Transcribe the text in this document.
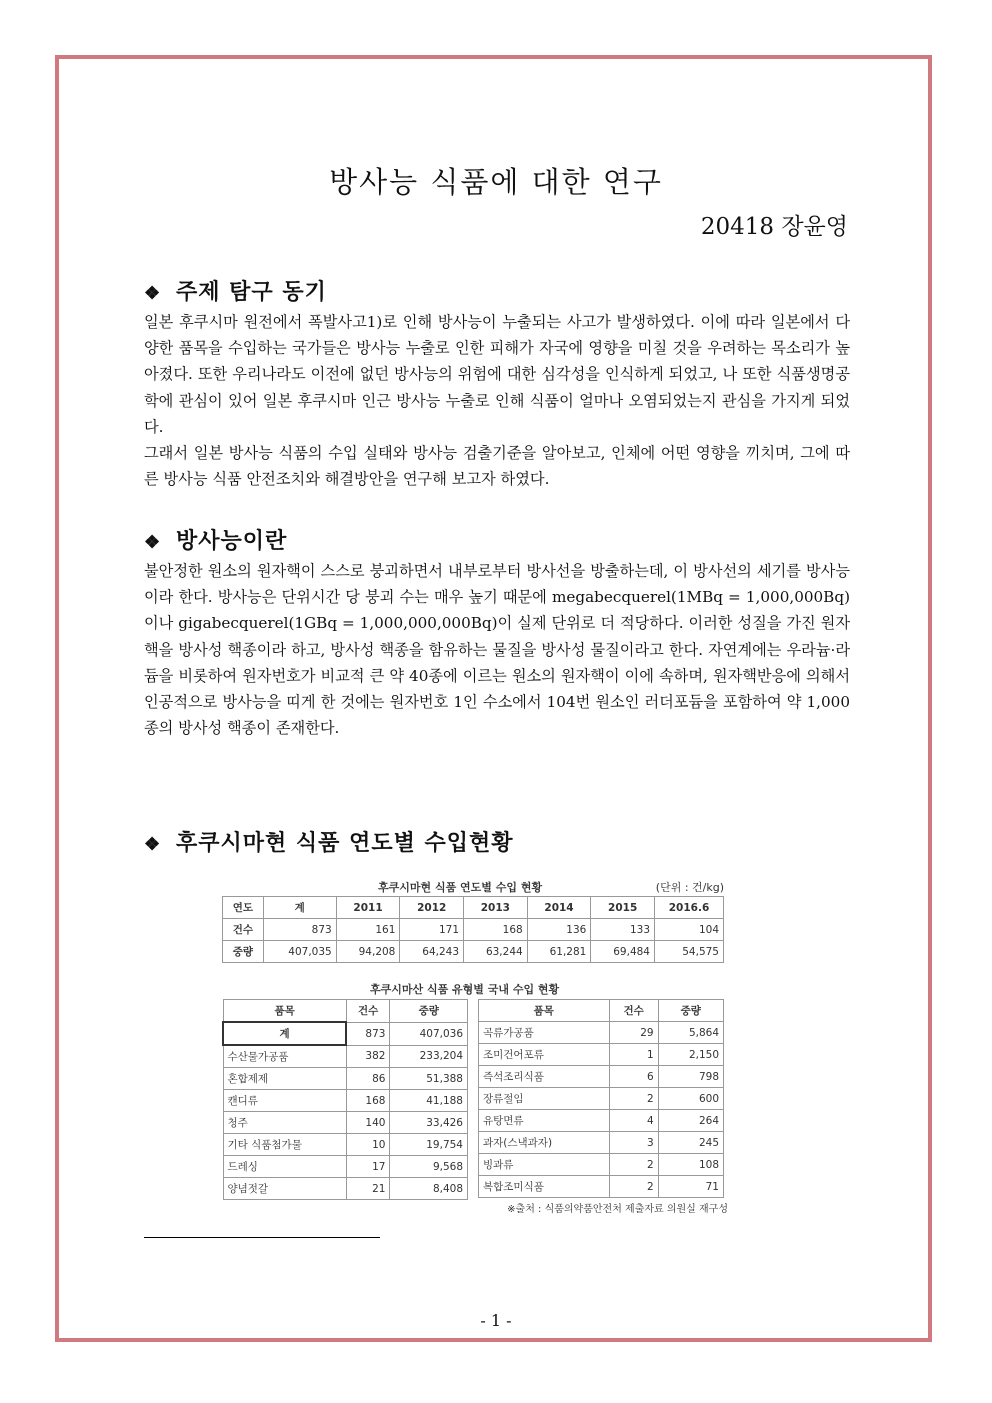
방사능 식품에 대한 연구
20418 장윤영
❖ 주제 탐구 동기

일본 후쿠시마 원전에서 폭발사고1)로 인해 방사능이 누출되는 사고가 발생하였다. 이에 따라 일본에서 다양한 품목을 수입하는 국가들은 방사능 누출로 인한 피해가 자국에 영향을 미칠 것을 우려하는 목소리가 높아졌다. 또한 우리나라도 이전에 없던 방사능의 위험에 대한 심각성을 인식하게 되었고, 나 또한 식품생명공학에 관심이 있어 일본 후쿠시마 인근 방사능 누출로 인해 식품이 얼마나 오염되었는지 관심을 가지게 되었다.

그래서 일본 방사능 식품의 수입 실태와 방사능 검출기준을 알아보고, 인체에 어떤 영향을 끼치며, 그에 따른 방사능 식품 안전조치와 해결방안을 연구해 보고자 하였다.

❖ 방사능이란

불안정한 원소의 원자핵이 스스로 붕괴하면서 내부로부터 방사선을 방출하는데, 이 방사선의 세기를 방사능이라 한다. 방사능은 단위시간 당 붕괴 수는 매우 높기 때문에 megabecquerel(1MBq = 1,000,000Bq)이나 gigabecquerel(1GBq = 1,000,000,000Bq)이 실제 단위로 더 적당하다. 이러한 성질을 가진 원자핵을 방사성 핵종이라 하고, 방사성 핵종을 함유하는 물질을 방사성 물질이라고 한다. 자연계에는 우라늄·라듐을 비롯하여 원자번호가 비교적 큰 약 40종에 이르는 원소의 원자핵이 이에 속하며, 원자핵반응에 의해서 인공적으로 방사능을 띠게 한 것에는 원자번호 1인 수소에서 104번 원소인 러더포듐을 포함하여 약 1,000종의 방사성 핵종이 존재한다.

❖ 후쿠시마현 식품 연도별 수입현황
후쿠시마현 식품 연도별 수입 현황	(단위 : 건/kg)
연도	계	2011	2012	2013	2014	2015	2016.6
건수	873	161	171	168	136	133	104
중량	407,035	94,208	64,243	63,244	61,281	69,484	54,575
후쿠시마산 식품 유형별 국내 수입 현황
품목	건수	중량
계	873	407,036
수산물가공품	382	233,204
혼합제제	86	51,388
캔디류	168	41,188
청주	140	33,426
기타 식품첨가물	10	19,754
드레싱	17	9,568
양념젓갈	21	8,408
품목	건수	중량
곡류가공품	29	5,864
조미건어포류	1	2,150
즉석조리식품	6	798
장류절임	2	600
유탕면류	4	264
과자(스낵과자)	3	245
빙과류	2	108
복합조미식품	2	71
※출처 : 식품의약품안전처 제출자료 의원실 재구성
- 1 -
